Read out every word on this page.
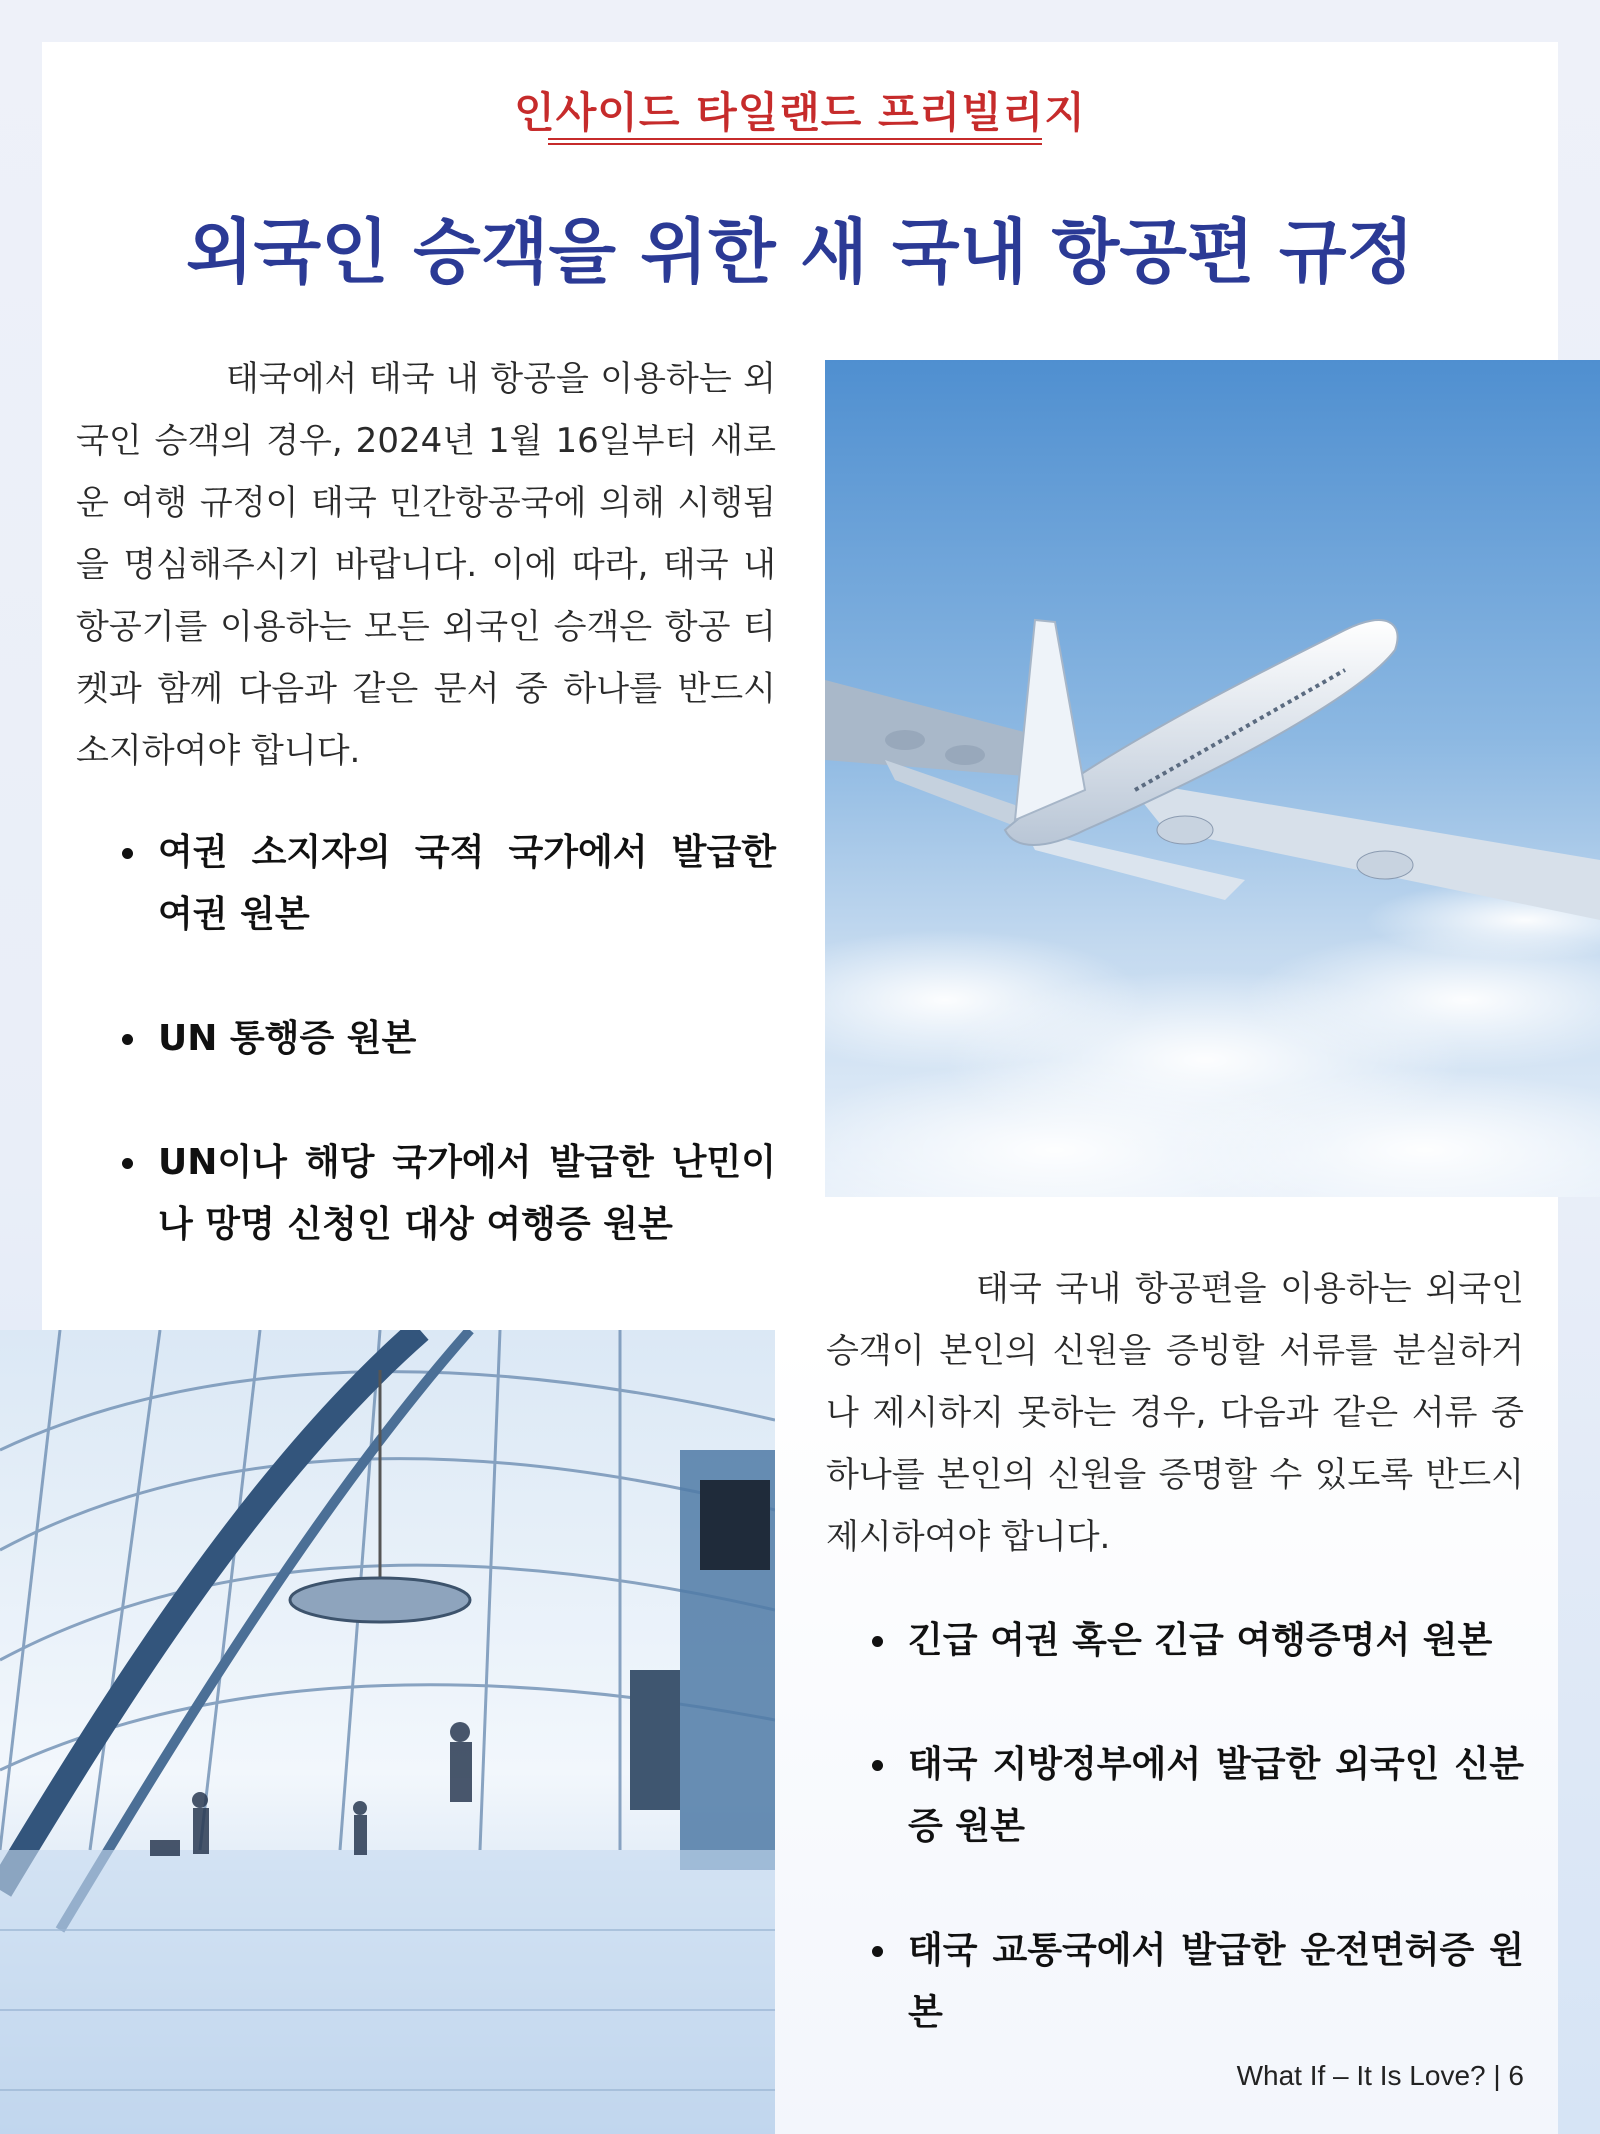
인사이드 타일랜드 프리빌리지
외국인 승객을 위한 새 국내 항공편 규정

태국에서 태국 내 항공을 이용하는 외국인 승객의 경우, 2024년 1월 16일부터 새로운 여행 규정이 태국 민간항공국에 의해 시행됨을 명심해주시기 바랍니다. 이에 따라, 태국 내 항공기를 이용하는 모든 외국인 승객은 항공 티켓과 함께 다음과 같은 문서 중 하나를 반드시 소지하여야 합니다.

여권 소지자의 국적 국가에서 발급한 여권 원본
UN 통행증 원본
UN이나 해당 국가에서 발급한 난민이나 망명 신청인 대상 여행증 원본

태국 국내 항공편을 이용하는 외국인 승객이 본인의 신원을 증빙할 서류를 분실하거나 제시하지 못하는 경우, 다음과 같은 서류 중 하나를 본인의 신원을 증명할 수 있도록 반드시 제시하여야 합니다.

긴급 여권 혹은 긴급 여행증명서 원본
태국 지방정부에서 발급한 외국인 신분증 원본
태국 교통국에서 발급한 운전면허증 원본
What If – It Is Love? | 6
